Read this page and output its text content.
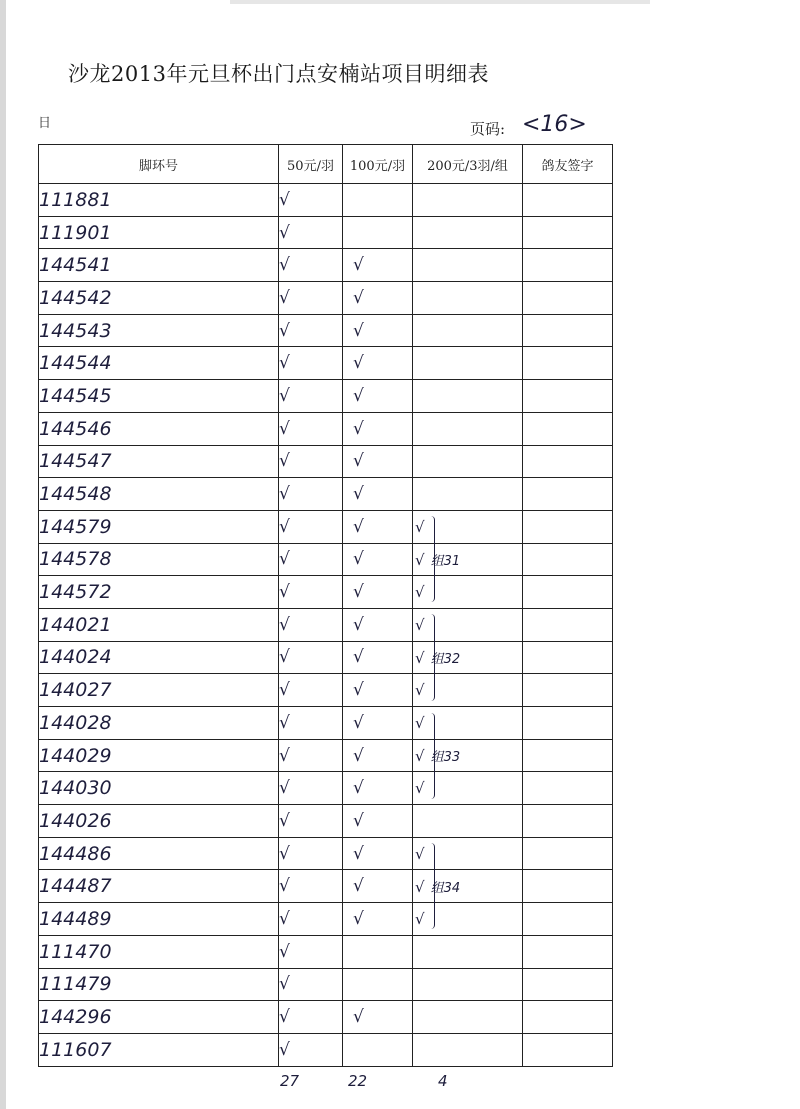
沙龙2013年元旦杯出门点安楠站项目明细表
日	页码: <16>
脚环号	50元/羽	100元/羽	200元/3羽/组	鸽友签字
111881	√			
111901	√			
144541	√	√		
144542	√	√		
144543	√	√		
144544	√	√		
144545	√	√		
144546	√	√		
144547	√	√		
144548	√	√		
144579	√	√	√	
144578	√	√	√ 组31	
144572	√	√	√	
144021	√	√	√	
144024	√	√	√ 组32	
144027	√	√	√	
144028	√	√	√	
144029	√	√	√ 组33	
144030	√	√	√	
144026	√	√		
144486	√	√	√	
144487	√	√	√ 组34	
144489	√	√	√	
111470	√			
111479	√			
144296	√	√		
111607	√			
27	22	4
